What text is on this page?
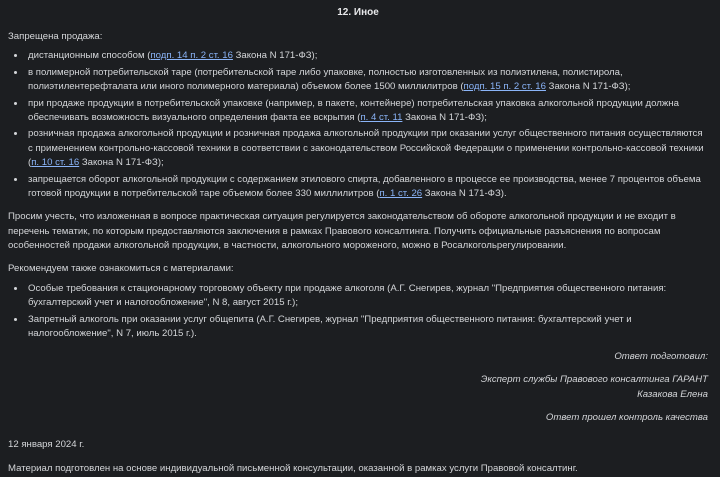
12. Иное

Запрещена продажа:

• дистанционным способом (подп. 14 п. 2 ст. 16 Закона N 171-ФЗ);
• в полимерной потребительской таре (потребительской таре либо упаковке, полностью изготовленных из полиэтилена, полистирола, полиэтилентерефталата или иного полимерного материала) объемом более 1500 миллилитров (подп. 15 п. 2 ст. 16 Закона N 171-ФЗ);
• при продаже продукции в потребительской упаковке (например, в пакете, контейнере) потребительская упаковка алкогольной продукции должна обеспечивать возможность визуального определения факта ее вскрытия (п. 4 ст. 11 Закона N 171-ФЗ);
• розничная продажа алкогольной продукции и розничная продажа алкогольной продукции при оказании услуг общественного питания осуществляются с применением контрольно-кассовой техники в соответствии с законодательством Российской Федерации о применении контрольно-кассовой техники (п. 10 ст. 16 Закона N 171-ФЗ);
• запрещается оборот алкогольной продукции с содержанием этилового спирта, добавленного в процессе ее производства, менее 7 процентов объема готовой продукции в потребительской таре объемом более 330 миллилитров (п. 1 ст. 26 Закона N 171-ФЗ).

Просим учесть, что изложенная в вопросе практическая ситуация регулируется законодательством об обороте алкогольной продукции и не входит в перечень тематик, по которым предоставляются заключения в рамках Правового консалтинга. Получить официальные разъяснения по вопросам особенностей продажи алкогольной продукции, в частности, алкогольного мороженого, можно в Росалкогольрегулировании.

Рекомендуем также ознакомиться с материалами:

• Особые требования к стационарному торговому объекту при продаже алкоголя (А.Г. Снегирев, журнал "Предприятия общественного питания: бухгалтерский учет и налогообложение", N 8, август 2015 г.);
• Запретный алкоголь при оказании услуг общепита (А.Г. Снегирев, журнал "Предприятия общественного питания: бухгалтерский учет и налогообложение", N 7, июль 2015 г.).
Ответ подготовил:
Эксперт службы Правового консалтинга ГАРАНТ
Казакова Елена
Ответ прошел контроль качества

12 января 2024 г.

Материал подготовлен на основе индивидуальной письменной консультации, оказанной в рамках услуги Правовой консалтинг.
